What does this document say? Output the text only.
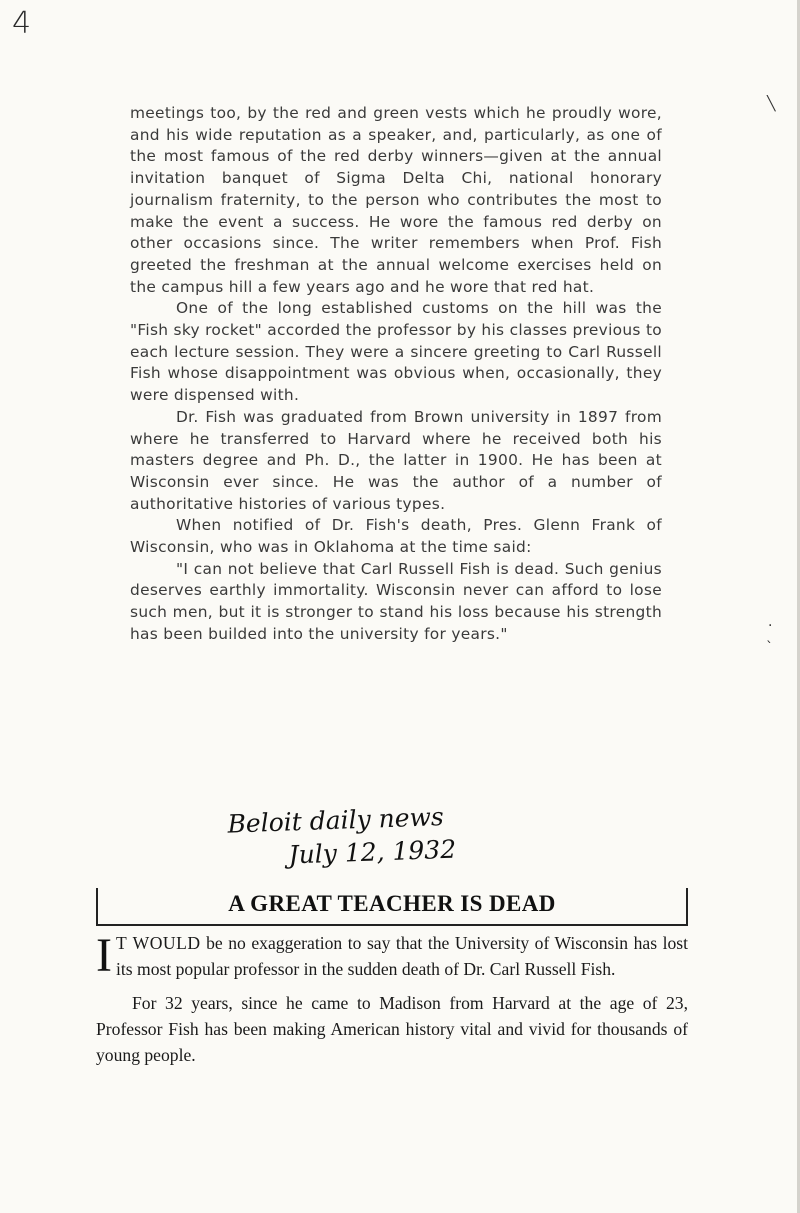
4

meetings too, by the red and green vests which he proudly wore, and his wide reputation as a speaker, and, particularly, as one of the most famous of the red derby winners—given at the annual invitation banquet of Sigma Delta Chi, national honorary journalism fraternity, to the person who contributes the most to make the event a success. He wore the famous red derby on other occasions since. The writer remembers when Prof. Fish greeted the freshman at the annual welcome exercises held on the campus hill a few years ago and he wore that red hat.

One of the long established customs on the hill was the "Fish sky rocket" accorded the professor by his classes previous to each lecture session. They were a sincere greeting to Carl Russell Fish whose disappointment was obvious when, occasionally, they were dispensed with.

Dr. Fish was graduated from Brown university in 1897 from where he transferred to Harvard where he received both his masters degree and Ph. D., the latter in 1900. He has been at Wisconsin ever since. He was the author of a number of authoritative histories of various types.

When notified of Dr. Fish's death, Pres. Glenn Frank of Wisconsin, who was in Oklahoma at the time said:

"I can not believe that Carl Russell Fish is dead. Such genius deserves earthly immortality. Wisconsin never can afford to lose such men, but it is stronger to stand his loss because his strength has been builded into the university for years."

Beloit daily news
July 12, 1932
A GREAT TEACHER IS DEAD

I T WOULD be no exaggeration to say that the University of Wisconsin has lost its most popular professor in the sudden death of Dr. Carl Russell Fish.

For 32 years, since he came to Madison from Harvard at the age of 23, Professor Fish has been making American history vital and vivid for thousands of young people.

╲
·
ˋ
